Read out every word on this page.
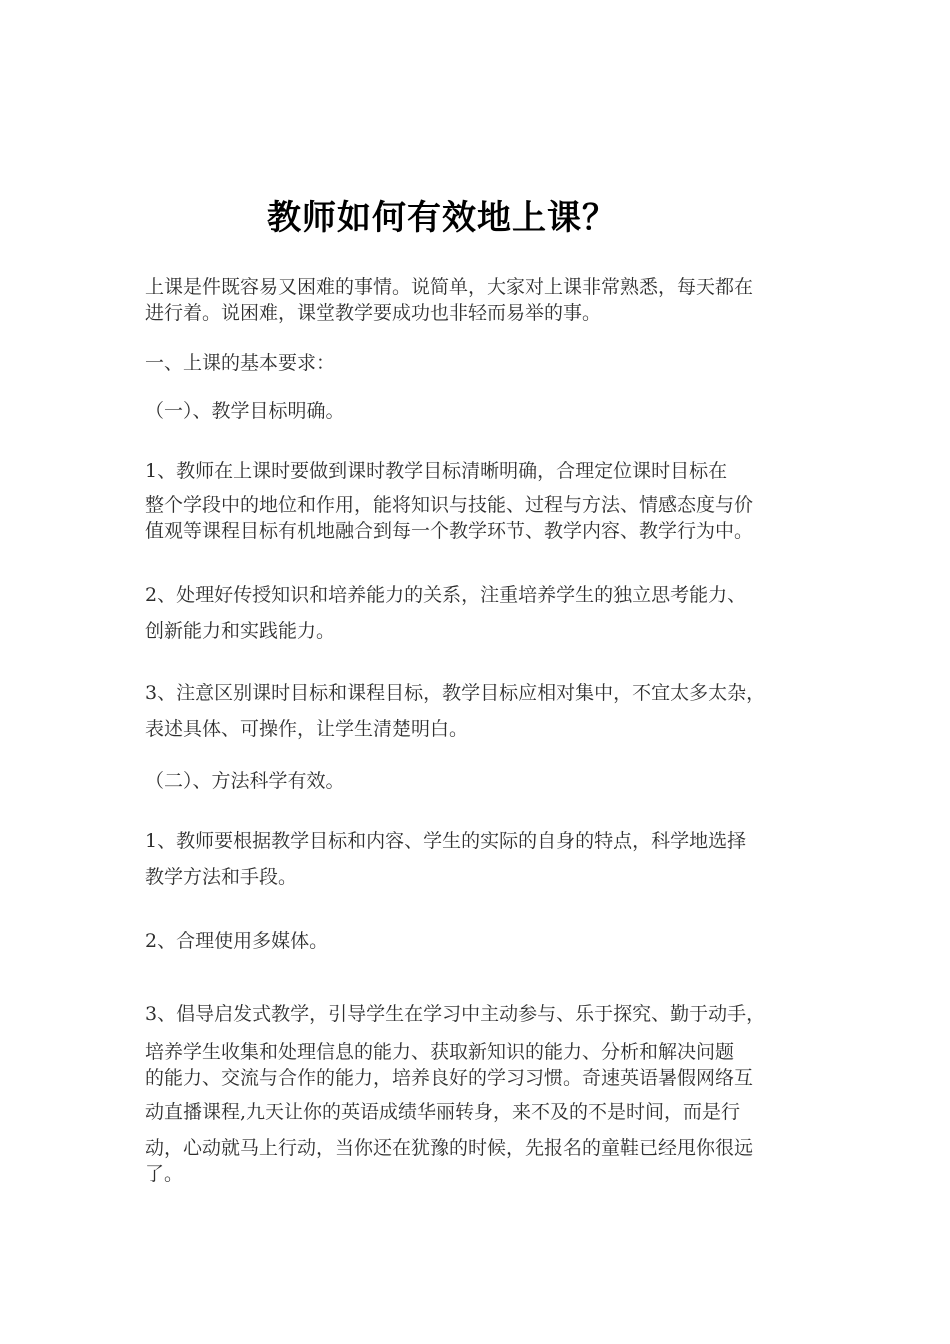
教师如何有效地上课？

上课是件既容易又困难的事情。说简单，大家对上课非常熟悉，每天都在
进行着。说困难，课堂教学要成功也非轻而易举的事。

一、上课的基本要求：

（一）、教学目标明确。

1、教师在上课时要做到课时教学目标清晰明确，合理定位课时目标在
整个学段中的地位和作用，能将知识与技能、过程与方法、情感态度与价
值观等课程目标有机地融合到每一个教学环节、教学内容、教学行为中。

2、处理好传授知识和培养能力的关系，注重培养学生的独立思考能力、
创新能力和实践能力。

3、注意区别课时目标和课程目标，教学目标应相对集中，不宜太多太杂，
表述具体、可操作，让学生清楚明白。

（二）、方法科学有效。

1、教师要根据教学目标和内容、学生的实际的自身的特点，科学地选择
教学方法和手段。

2、合理使用多媒体。

3、倡导启发式教学，引导学生在学习中主动参与、乐于探究、勤于动手，
培养学生收集和处理信息的能力、获取新知识的能力、分析和解决问题
的能力、交流与合作的能力，培养良好的学习习惯。奇速英语暑假网络互
动直播课程,九天让你的英语成绩华丽转身，来不及的不是时间，而是行
动，心动就马上行动，当你还在犹豫的时候，先报名的童鞋已经甩你很远
了。
